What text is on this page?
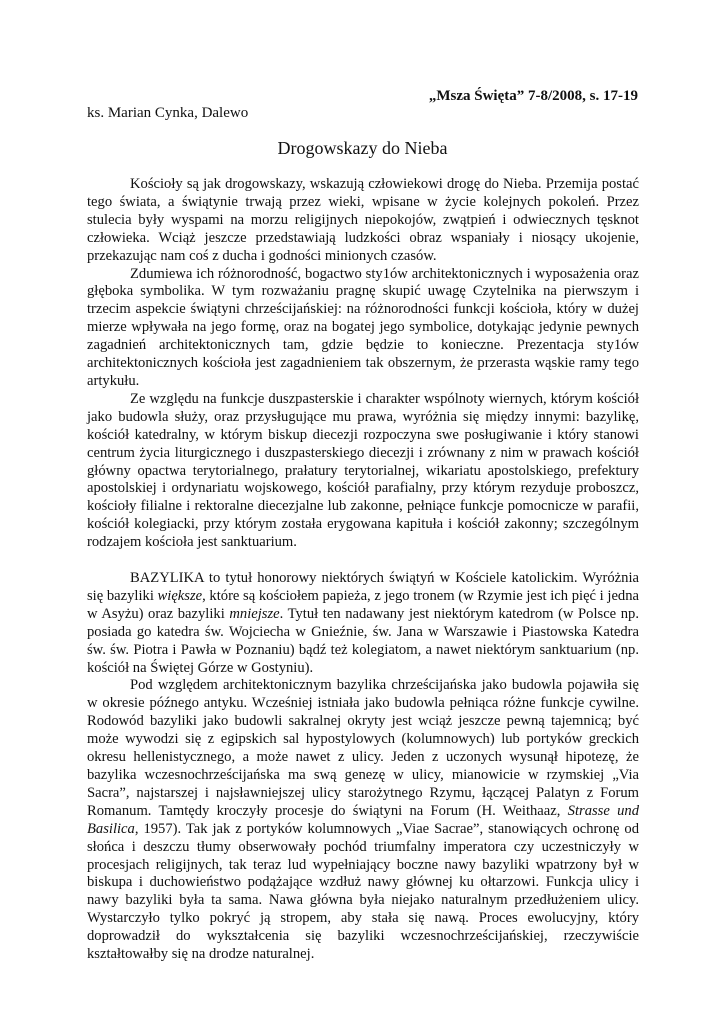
„Msza Święta” 7-8/2008, s. 17-19
ks. Marian Cynka, Dalewo
Drogowskazy do Nieba

Kościoły są jak drogowskazy, wskazują człowiekowi drogę do Nieba. Przemija postać tego świata, a świątynie trwają przez wieki, wpisane w życie kolejnych pokoleń. Przez stulecia były wyspami na morzu religijnych niepokojów, zwątpień i odwiecznych tęsknot człowieka. Wciąż jeszcze przedstawiają ludzkości obraz wspaniały i niosący ukojenie, przekazując nam coś z ducha i godności minionych czasów.

Zdumiewa ich różnorodność, bogactwo sty1ów architektonicznych i wyposażenia oraz głęboka symbolika. W tym rozważaniu pragnę skupić uwagę Czytelnika na pierwszym i trzecim aspekcie świątyni chrześcijańskiej: na różnorodności funkcji kościoła, który w dużej mierze wpływała na jego formę, oraz na bogatej jego symbolice, dotykając jedynie pewnych zagadnień architektonicznych tam, gdzie będzie to konieczne. Prezentacja sty1ów architektonicznych kościoła jest zagadnieniem tak obszernym, że przerasta wąskie ramy tego artykułu.

Ze względu na funkcje duszpasterskie i charakter wspólnoty wiernych, którym kościół jako budowla służy, oraz przysługujące mu prawa, wyróżnia się między innymi: bazylikę, kościół katedralny, w którym biskup diecezji rozpoczyna swe posługiwanie i który stanowi centrum życia liturgicznego i duszpasterskiego diecezji i zrównany z nim w prawach kościół główny opactwa terytorialnego, prałatury terytorialnej, wikariatu apostolskiego, prefektury apostolskiej i ordynariatu wojskowego, kościół parafialny, przy którym rezyduje proboszcz, kościoły filialne i rektoralne diecezjalne lub zakonne, pełniące funkcje pomocnicze w parafii, kościół kolegiacki, przy którym została erygowana kapituła i kościół zakonny; szczególnym rodzajem kościoła jest sanktuarium.

BAZYLIKA to tytuł honorowy niektórych świątyń w Kościele katolickim. Wyróżnia się bazyliki większe, które są kościołem papieża, z jego tronem (w Rzymie jest ich pięć i jedna w Asyżu) oraz bazyliki mniejsze. Tytuł ten nadawany jest niektórym katedrom (w Polsce np. posiada go katedra św. Wojciecha w Gnieźnie, św. Jana w Warszawie i Piastowska Katedra św. św. Piotra i Pawła w Poznaniu) bądź też kolegiatom, a nawet niektórym sanktuarium (np. kościół na Świętej Górze w Gostyniu).

Pod względem architektonicznym bazylika chrześcijańska jako budowla pojawiła się w okresie późnego antyku. Wcześniej istniała jako budowla pełniąca różne funkcje cywilne. Rodowód bazyliki jako budowli sakralnej okryty jest wciąż jeszcze pewną tajemnicą; być może wywodzi się z egipskich sal hypostylowych (kolumnowych) lub portyków greckich okresu hellenistycznego, a może nawet z ulicy. Jeden z uczonych wysunął hipotezę, że bazylika wczesnochrześcijańska ma swą genezę w ulicy, mianowicie w rzymskiej „Via Sacra”, najstarszej i najsławniejszej ulicy starożytnego Rzymu, łączącej Palatyn z Forum Romanum. Tamtędy kroczyły procesje do świątyni na Forum (H. Weithaaz, Strasse und Basilica, 1957). Tak jak z portyków kolumnowych „Viae Sacrae”, stanowiących ochronę od słońca i deszczu tłumy obserwowały pochód triumfalny imperatora czy uczestniczyły w procesjach religijnych, tak teraz lud wypełniający boczne nawy bazyliki wpatrzony był w biskupa i duchowieństwo podążające wzdłuż nawy głównej ku ołtarzowi. Funkcja ulicy i nawy bazyliki była ta sama. Nawa główna była niejako naturalnym przedłużeniem ulicy. Wystarczyło tylko pokryć ją stropem, aby stała się nawą. Proces ewolucyjny, który doprowadził do wykształcenia się bazyliki wczesnochrześcijańskiej, rzeczywiście kształtowałby się na drodze naturalnej.
